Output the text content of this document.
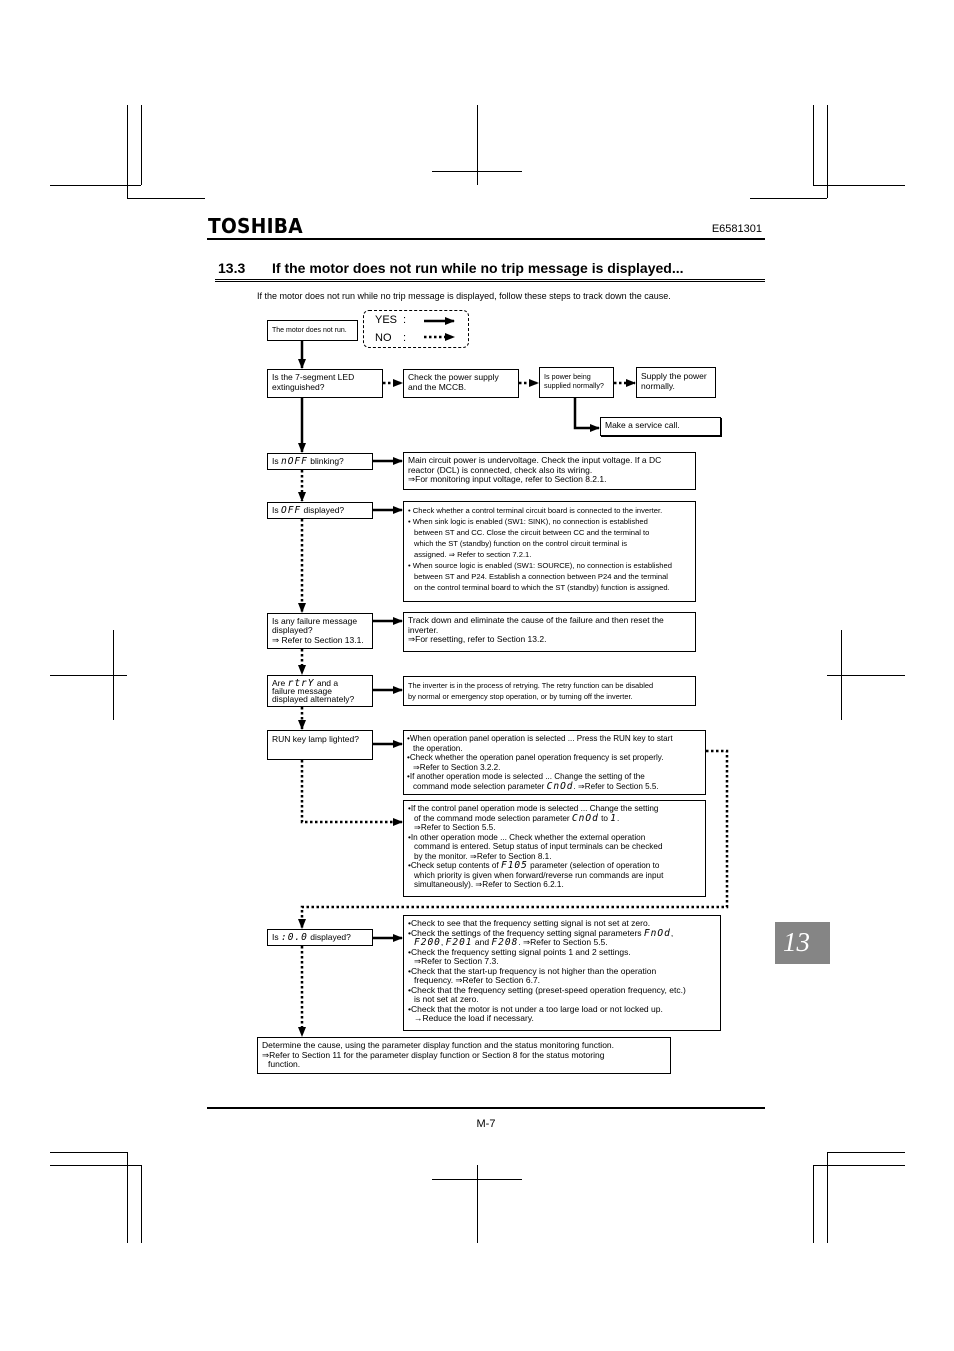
TOSHIBA	E6581301
13.3 If the motor does not run while no trip message is displayed...
If the motor does not run while no trip message is displayed, follow these steps to track down the cause.
YES :
NO :
The motor does not run.
Is the 7-segment LED
extinguished?
Check the power supply
and the MCCB.
Is power being
supplied normally?
Supply the power
normally.
Make a service call.
Is nOFF blinking?	Main circuit power is undervoltage. Check the input voltage. If a DC
reactor (DCL) is connected, check also its wiring.
⇒For monitoring input voltage, refer to Section 8.2.1.
Is OFF displayed?	• Check whether a control terminal circuit board is connected to the inverter.
• When sink logic is enabled (SW1: SINK), no connection is established
between ST and CC. Close the circuit between CC and the terminal to
which the ST (standby) function on the control circuit terminal is
assigned. ⇒ Refer to section 7.2.1.
• When source logic is enabled (SW1: SOURCE), no connection is established
between ST and P24. Establish a connection between P24 and the terminal
on the control terminal board to which the ST (standby) function is assigned.
Is any failure message
displayed?
⇒ Refer to Section 13.1.
Track down and eliminate the cause of the failure and then reset the
inverter.
⇒For resetting, refer to Section 13.2.
Are rtrY and a
failure message
displayed alternately?
The inverter is in the process of retrying. The retry function can be disabled
by normal or emergency stop operation, or by turning off the inverter.
RUN key lamp lighted?	•When operation panel operation is selected ... Press the RUN key to start
the operation.
•Check whether the operation panel operation frequency is set properly.
⇒Refer to Section 3.2.2.
•If another operation mode is selected ... Change the setting of the
command mode selection parameter CnOd. ⇒Refer to Section 5.5.
•If the control panel operation mode is selected ... Change the setting
of the command mode selection parameter CnOd to 1.
⇒Refer to Section 5.5.
•In other operation mode ... Check whether the external operation
command is entered. Setup status of input terminals can be checked
by the monitor. ⇒Refer to Section 8.1.
•Check setup contents of F105 parameter (selection of operation to
which priority is given when forward/reverse run commands are input
simultaneously). ⇒Refer to Section 6.2.1.
Is :0.0 displayed?
•Check to see that the frequency setting signal is not set at zero.
•Check the settings of the frequency setting signal parameters FnOd,
F200, F201 and F208. ⇒Refer to Section 5.5.
•Check the frequency setting signal points 1 and 2 settings.
⇒Refer to Section 7.3.
•Check that the start-up frequency is not higher than the operation
frequency. ⇒Refer to Section 6.7.
•Check that the frequency setting (preset-speed operation frequency, etc.)
is not set at zero.
•Check that the motor is not under a too large load or not locked up.
→Reduce the load if necessary.
Determine the cause, using the parameter display function and the status monitoring function.
⇒Refer to Section 11 for the parameter display function or Section 8 for the status motoring
function.
M-7
13
